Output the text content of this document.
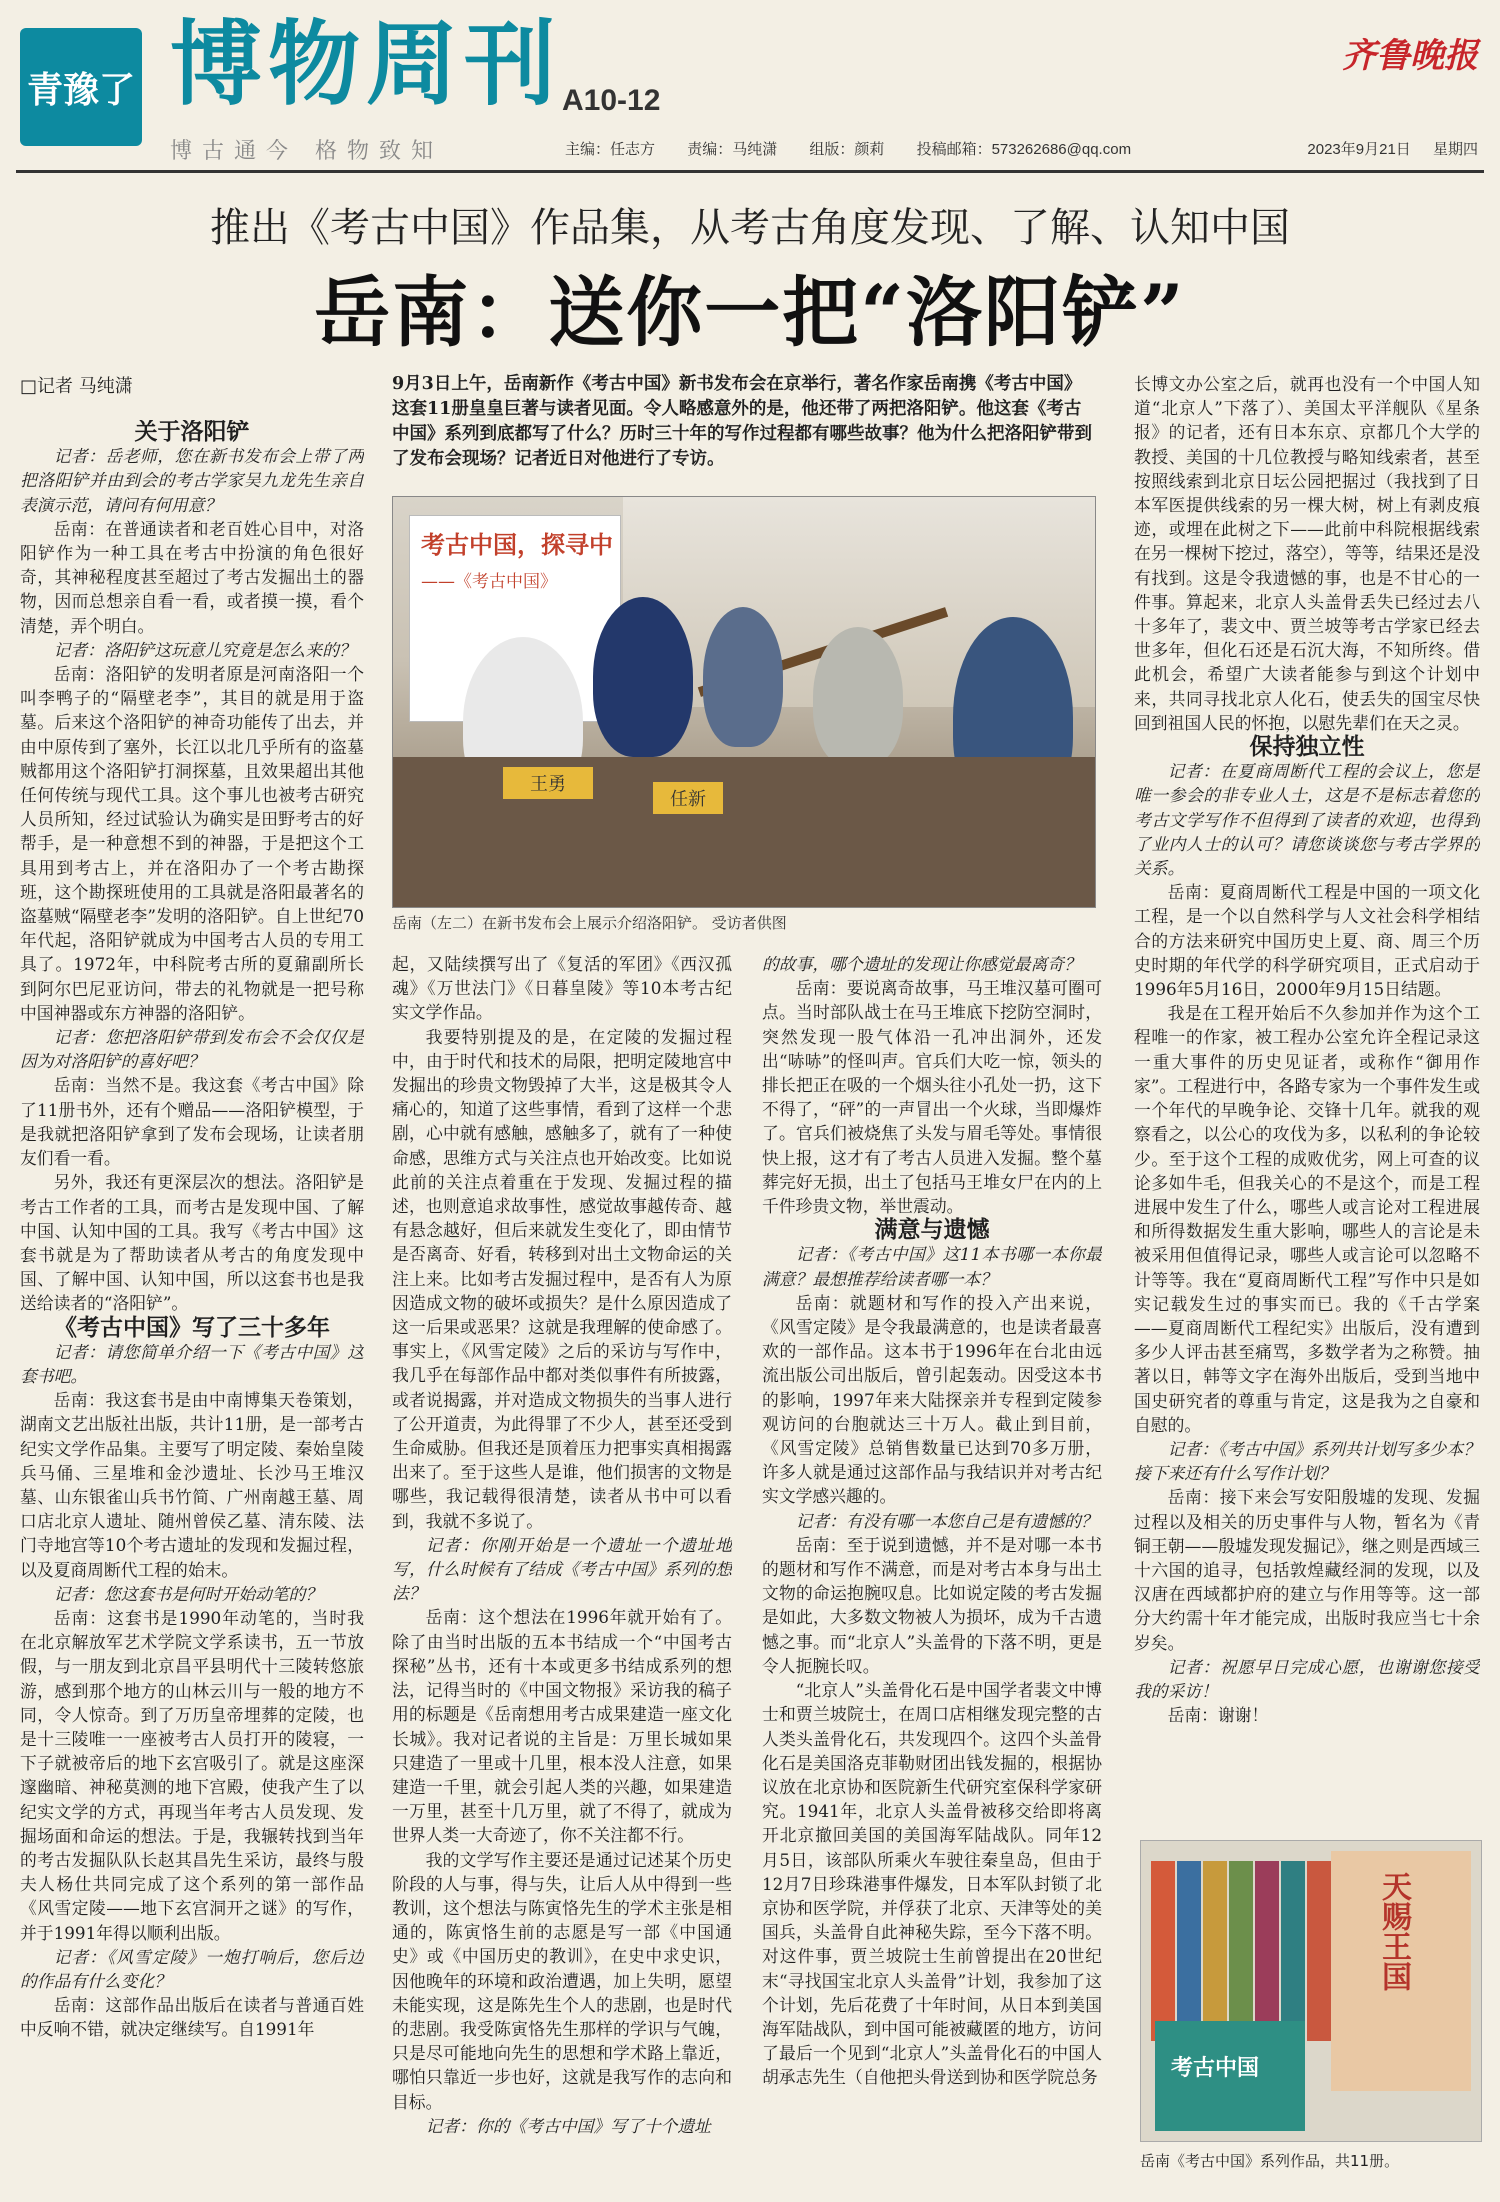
青豫了 博物周刊 A10-12
齐鲁晚报
博古通今 格物致知	主编：任志方 责编：马纯潇 组版：颜莉 投稿邮箱：573262686@qq.com	2023年9月21日 星期四
推出《考古中国》作品集，从考古角度发现、了解、认知中国
岳南：送你一把“洛阳铲”
□记者 马纯潇	9月3日上午，岳南新作《考古中国》新书发布会在京举行，著名作家岳南携《考古中国》这套11册皇皇巨著与读者见面。令人略感意外的是，他还带了两把洛阳铲。他这套《考古中国》系列到底都写了什么？历时三十年的写作过程都有哪些故事？他为什么把洛阳铲带到了发布会现场？记者近日对他进行了专访。
考古中国，探寻中
——《考古中国》
王勇
任新
岳南（左二）在新书发布会上展示介绍洛阳铲。 受访者供图

关于洛阳铲

记者：岳老师，您在新书发布会上带了两把洛阳铲并由到会的考古学家吴九龙先生亲自表演示范，请问有何用意？

岳南：在普通读者和老百姓心目中，对洛阳铲作为一种工具在考古中扮演的角色很好奇，其神秘程度甚至超过了考古发掘出土的器物，因而总想亲自看一看，或者摸一摸，看个清楚，弄个明白。

记者：洛阳铲这玩意儿究竟是怎么来的？

岳南：洛阳铲的发明者原是河南洛阳一个叫李鸭子的“隔壁老李”，其目的就是用于盗墓。后来这个洛阳铲的神奇功能传了出去，并由中原传到了塞外，长江以北几乎所有的盗墓贼都用这个洛阳铲打洞探墓，且效果超出其他任何传统与现代工具。这个事儿也被考古研究人员所知，经过试验认为确实是田野考古的好帮手，是一种意想不到的神器，于是把这个工具用到考古上，并在洛阳办了一个考古勘探班，这个勘探班使用的工具就是洛阳最著名的盗墓贼“隔壁老李”发明的洛阳铲。自上世纪70年代起，洛阳铲就成为中国考古人员的专用工具了。1972年，中科院考古所的夏鼐副所长到阿尔巴尼亚访问，带去的礼物就是一把号称中国神器或东方神器的洛阳铲。

记者：您把洛阳铲带到发布会不会仅仅是因为对洛阳铲的喜好吧？

岳南：当然不是。我这套《考古中国》除了11册书外，还有个赠品——洛阳铲模型，于是我就把洛阳铲拿到了发布会现场，让读者朋友们看一看。

另外，我还有更深层次的想法。洛阳铲是考古工作者的工具，而考古是发现中国、了解中国、认知中国的工具。我写《考古中国》这套书就是为了帮助读者从考古的角度发现中国、了解中国、认知中国，所以这套书也是我送给读者的“洛阳铲”。

《考古中国》写了三十多年

记者：请您简单介绍一下《考古中国》这套书吧。

岳南：我这套书是由中南博集天卷策划，湖南文艺出版社出版，共计11册，是一部考古纪实文学作品集。主要写了明定陵、秦始皇陵兵马俑、三星堆和金沙遗址、长沙马王堆汉墓、山东银雀山兵书竹简、广州南越王墓、周口店北京人遗址、随州曾侯乙墓、清东陵、法门寺地宫等10个考古遗址的发现和发掘过程，以及夏商周断代工程的始末。

记者：您这套书是何时开始动笔的？

岳南：这套书是1990年动笔的，当时我在北京解放军艺术学院文学系读书，五一节放假，与一朋友到北京昌平县明代十三陵转悠旅游，感到那个地方的山林云川与一般的地方不同，令人惊奇。到了万历皇帝埋葬的定陵，也是十三陵唯一一座被考古人员打开的陵寝，一下子就被帝后的地下玄宫吸引了。就是这座深邃幽暗、神秘莫测的地下宫殿，使我产生了以纪实文学的方式，再现当年考古人员发现、发掘场面和命运的想法。于是，我辗转找到当年的考古发掘队队长赵其昌先生采访，最终与殷夫人杨仕共同完成了这个系列的第一部作品《风雪定陵——地下玄宫洞开之谜》的写作，并于1991年得以顺利出版。

记者：《风雪定陵》一炮打响后，您后边的作品有什么变化？

岳南：这部作品出版后在读者与普通百姓中反响不错，就决定继续写。自1991年

起，又陆续撰写出了《复活的军团》《西汉孤魂》《万世法门》《日暮皇陵》等10本考古纪实文学作品。

我要特别提及的是，在定陵的发掘过程中，由于时代和技术的局限，把明定陵地宫中发掘出的珍贵文物毁掉了大半，这是极其令人痛心的，知道了这些事情，看到了这样一个悲剧，心中就有感触，感触多了，就有了一种使命感，思维方式与关注点也开始改变。比如说此前的关注点着重在于发现、发掘过程的描述，也则意追求故事性，感觉故事越传奇、越有悬念越好，但后来就发生变化了，即由情节是否离奇、好看，转移到对出土文物命运的关注上来。比如考古发掘过程中，是否有人为原因造成文物的破坏或损失？是什么原因造成了这一后果或恶果？这就是我理解的使命感了。事实上，《风雪定陵》之后的采访与写作中，我几乎在每部作品中都对类似事件有所披露，或者说揭露，并对造成文物损失的当事人进行了公开道责，为此得罪了不少人，甚至还受到生命威胁。但我还是顶着压力把事实真相揭露出来了。至于这些人是谁，他们损害的文物是哪些，我记载得很清楚，读者从书中可以看到，我就不多说了。

记者：你刚开始是一个遗址一个遗址地写，什么时候有了结成《考古中国》系列的想法？

岳南：这个想法在1996年就开始有了。除了由当时出版的五本书结成一个“中国考古探秘”丛书，还有十本或更多书结成系列的想法，记得当时的《中国文物报》采访我的稿子用的标题是《岳南想用考古成果建造一座文化长城》。我对记者说的主旨是：万里长城如果只建造了一里或十几里，根本没人注意，如果建造一千里，就会引起人类的兴趣，如果建造一万里，甚至十几万里，就了不得了，就成为世界人类一大奇迹了，你不关注都不行。

我的文学写作主要还是通过记述某个历史阶段的人与事，得与失，让后人从中得到一些教训，这个想法与陈寅恪先生的学术主张是相通的，陈寅恪生前的志愿是写一部《中国通史》或《中国历史的教训》，在史中求史识，因他晚年的环境和政治遭遇，加上失明，愿望未能实现，这是陈先生个人的悲剧，也是时代的悲剧。我受陈寅恪先生那样的学识与气魄，只是尽可能地向先生的思想和学术路上靠近，哪怕只靠近一步也好，这就是我写作的志向和目标。

记者：你的《考古中国》写了十个遗址

的故事，哪个遗址的发现让你感觉最离奇？

岳南：要说离奇故事，马王堆汉墓可圈可点。当时部队战士在马王堆底下挖防空洞时，突然发现一股气体沿一孔冲出洞外，还发出“哧哧”的怪叫声。官兵们大吃一惊，领头的排长把正在吸的一个烟头往小孔处一扔，这下不得了，“砰”的一声冒出一个火球，当即爆炸了。官兵们被烧焦了头发与眉毛等处。事情很快上报，这才有了考古人员进入发掘。整个墓葬完好无损，出土了包括马王堆女尸在内的上千件珍贵文物，举世震动。

满意与遗憾

记者：《考古中国》这11本书哪一本你最满意？最想推荐给读者哪一本？

岳南：就题材和写作的投入产出来说，《风雪定陵》是令我最满意的，也是读者最喜欢的一部作品。这本书于1996年在台北由远流出版公司出版后，曾引起轰动。因受这本书的影响，1997年来大陆探亲并专程到定陵参观访问的台胞就达三十万人。截止到目前，《风雪定陵》总销售数量已达到70多万册，许多人就是通过这部作品与我结识并对考古纪实文学感兴趣的。

记者：有没有哪一本您自己是有遗憾的？

岳南：至于说到遗憾，并不是对哪一本书的题材和写作不满意，而是对考古本身与出土文物的命运抱腕叹息。比如说定陵的考古发掘是如此，大多数文物被人为损坏，成为千古遗憾之事。而“北京人”头盖骨的下落不明，更是令人扼腕长叹。

“北京人”头盖骨化石是中国学者裴文中博士和贾兰坡院士，在周口店相继发现完整的古人类头盖骨化石，共发现四个。这四个头盖骨化石是美国洛克菲勒财团出钱发掘的，根据协议放在北京协和医院新生代研究室保科学家研究。1941年，北京人头盖骨被移交给即将离开北京撤回美国的美国海军陆战队。同年12月5日，该部队所乘火车驶往秦皇岛，但由于12月7日珍珠港事件爆发，日本军队封锁了北京协和医学院，并俘获了北京、天津等处的美国兵，头盖骨自此神秘失踪，至今下落不明。对这件事，贾兰坡院士生前曾提出在20世纪末“寻找国宝北京人头盖骨”计划，我参加了这个计划，先后花费了十年时间，从日本到美国海军陆战队，到中国可能被藏匿的地方，访问了最后一个见到“北京人”头盖骨化石的中国人胡承志先生（自他把头骨送到协和医学院总务

长博文办公室之后，就再也没有一个中国人知道“北京人”下落了）、美国太平洋舰队《星条报》的记者，还有日本东京、京都几个大学的教授、美国的十几位教授与略知线索者，甚至按照线索到北京日坛公园把据过（我找到了日本军医提供线索的另一棵大树，树上有剥皮痕迹，或埋在此树之下——此前中科院根据线索在另一棵树下挖过，落空），等等，结果还是没有找到。这是令我遗憾的事，也是不甘心的一件事。算起来，北京人头盖骨丢失已经过去八十多年了，裴文中、贾兰坡等考古学家已经去世多年，但化石还是石沉大海，不知所终。借此机会，希望广大读者能参与到这个计划中来，共同寻找北京人化石，使丢失的国宝尽快回到祖国人民的怀抱，以慰先辈们在天之灵。

保持独立性

记者：在夏商周断代工程的会议上，您是唯一参会的非专业人士，这是不是标志着您的考古文学写作不但得到了读者的欢迎，也得到了业内人士的认可？请您谈谈您与考古学界的关系。

岳南：夏商周断代工程是中国的一项文化工程，是一个以自然科学与人文社会科学相结合的方法来研究中国历史上夏、商、周三个历史时期的年代学的科学研究项目，正式启动于1996年5月16日，2000年9月15日结题。

我是在工程开始后不久参加并作为这个工程唯一的作家，被工程办公室允许全程记录这一重大事件的历史见证者，或称作“御用作家”。工程进行中，各路专家为一个事件发生或一个年代的早晚争论、交锋十几年。就我的观察看之，以公心的攻伐为多，以私利的争论较少。至于这个工程的成败优劣，网上可查的议论多如牛毛，但我关心的不是这个，而是工程进展中发生了什么，哪些人或言论对工程进展和所得数据发生重大影响，哪些人的言论是未被采用但值得记录，哪些人或言论可以忽略不计等等。我在“夏商周断代工程”写作中只是如实记载发生过的事实而已。我的《千古学案——夏商周断代工程纪实》出版后，没有遭到多少人评击甚至痛骂，多数学者为之称赞。抽著以日，韩等文字在海外出版后，受到当地中国史研究者的尊重与肯定，这是我为之自豪和自慰的。

记者：《考古中国》系列共计划写多少本？接下来还有什么写作计划？

岳南：接下来会写安阳殷墟的发现、发掘过程以及相关的历史事件与人物，暂名为《青铜王朝——殷墟发现发掘记》，继之则是西域三十六国的追寻，包括敦煌藏经洞的发现，以及汉唐在西域都护府的建立与作用等等。这一部分大约需十年才能完成，出版时我应当七十余岁矣。

记者：祝愿早日完成心愿，也谢谢您接受我的采访！

岳南：谢谢！

考古中国
天赐王国
岳南《考古中国》系列作品，共11册。
